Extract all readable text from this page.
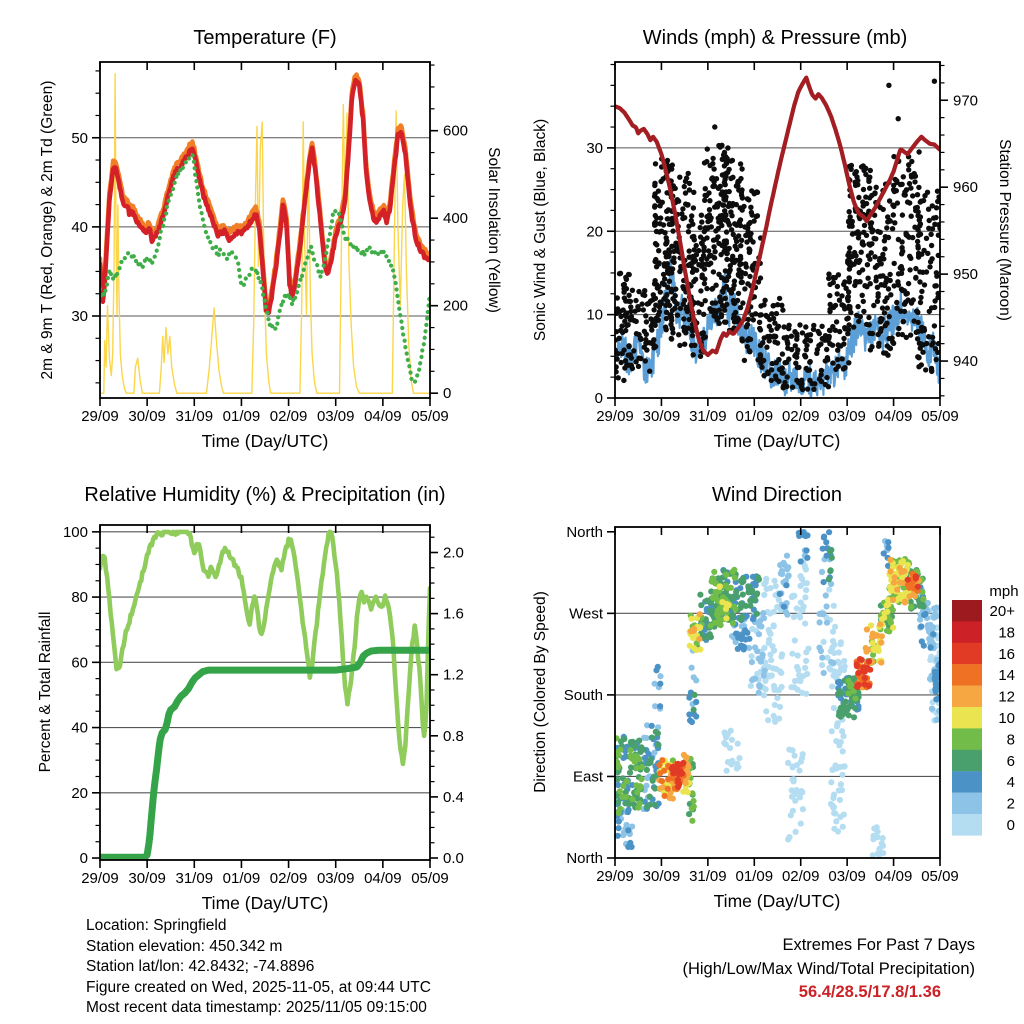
Temperature (F)
2m & 9m T (Red, Orange) & 2m Td (Green)	Solar Insolation (Yellow)
Time (Day/UTC)
29/09 30/09 31/09 01/09 02/09 03/09 04/09 05/09
30
40
50
0
200
400
600
Winds (mph) & Pressure (mb)
Sonic Wind & Gust (Blue, Black)	Station Pressure (Maroon)
Time (Day/UTC)
29/09 30/09 31/09 01/09 02/09 03/09 04/09 05/09
0
10
20
30
940
950
960
970
Relative Humidity (%) & Precipitation (in)
Percent & Total Rainfall
Time (Day/UTC)
29/09 30/09 31/09 01/09 02/09 03/09 04/09 05/09
0
20
40
60
80
100
0.0
0.4
0.8
1.2
1.6
2.0
Wind Direction
Direction (Colored By Speed)
Time (Day/UTC)
29/09 30/09 31/09 01/09 02/09 03/09 04/09 05/09
North
East
South
West
North
mph
20+
18
16
14
12
10
8
6
4
2
0
Location: Springfield
Station elevation: 450.342 m
Station lat/lon: 42.8432; -74.8896
Figure created on Wed, 2025-11-05, at 09:44 UTC
Most recent data timestamp: 2025/11/05 09:15:00
Extremes For Past 7 Days
(High/Low/Max Wind/Total Precipitation)
56.4/28.5/17.8/1.36
